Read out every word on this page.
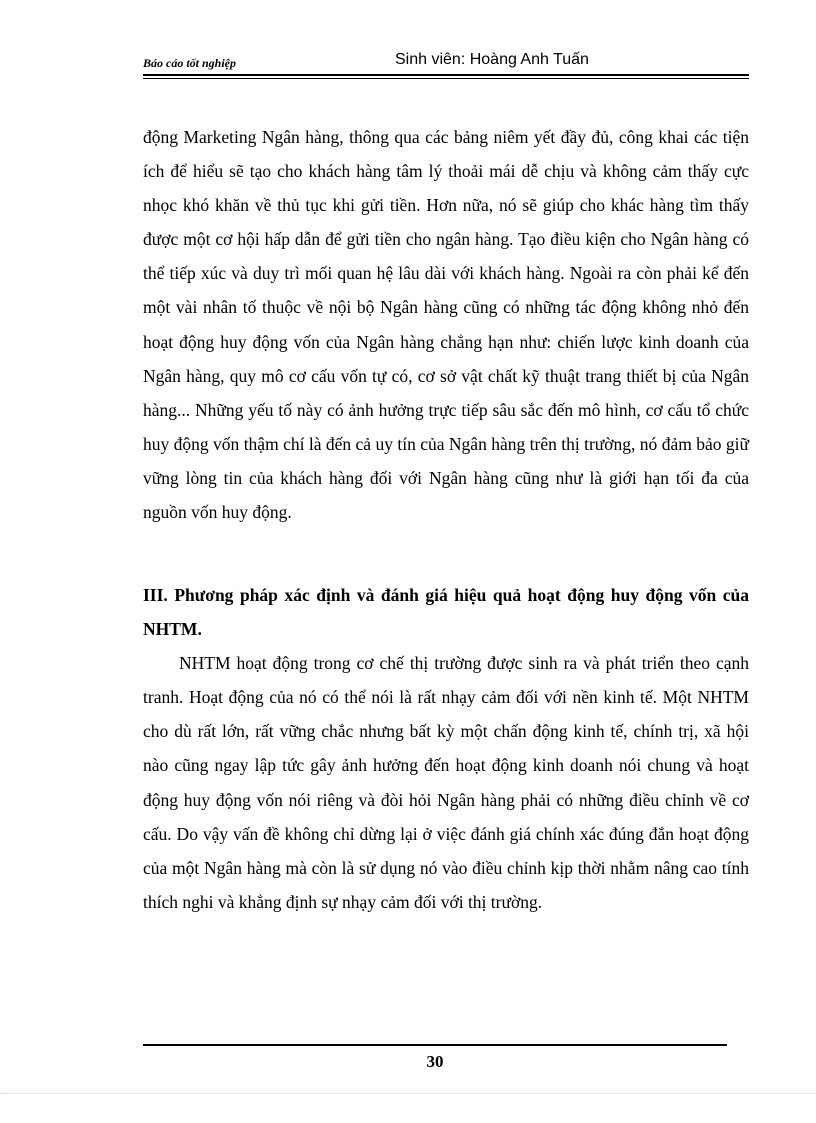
Báo cáo tốt nghiệp	Sinh viên: Hoàng Anh Tuấn

động Marketing Ngân hàng, thông qua các bảng niêm yết đầy đủ, công khai các tiện ích để hiểu sẽ tạo cho khách hàng tâm lý thoải mái dễ chịu và không cảm thấy cực nhọc khó khăn về thủ tục khi gửi tiền. Hơn nữa, nó sẽ giúp cho khác hàng tìm thấy được một cơ hội hấp dẫn để gửi tiền cho ngân hàng. Tạo điều kiện cho Ngân hàng có thể tiếp xúc và duy trì mối quan hệ lâu dài với khách hàng. Ngoài ra còn phải kể đến một vài nhân tố thuộc về nội bộ Ngân hàng cũng có những tác động không nhỏ đến hoạt động huy động vốn của Ngân hàng chẳng hạn như: chiến lược kinh doanh của Ngân hàng, quy mô cơ cấu vốn tự có, cơ sở vật chất kỹ thuật trang thiết bị của Ngân hàng... Những yếu tố này có ảnh hưởng trực tiếp sâu sắc đến mô hình, cơ cấu tổ chức huy động vốn thậm chí là đến cả uy tín của Ngân hàng trên thị trường, nó đảm bảo giữ vững lòng tin của khách hàng đối với Ngân hàng cũng như là giới hạn tối đa của nguồn vốn huy động.

III. Phương pháp xác định và đánh giá hiệu quả hoạt động huy động vốn của NHTM.

NHTM hoạt động trong cơ chế thị trường được sinh ra và phát triển theo cạnh tranh. Hoạt động của nó có thể nói là rất nhạy cảm đối với nền kinh tế. Một NHTM cho dù rất lớn, rất vững chắc nhưng bất kỳ một chấn động kinh tế, chính trị, xã hội nào cũng ngay lập tức gây ảnh hưởng đến hoạt động kinh doanh nói chung và hoạt động huy động vốn nói riêng và đòi hỏi Ngân hàng phải có những điều chỉnh về cơ cấu. Do vậy vấn đề không chỉ dừng lại ở việc đánh giá chính xác đúng đắn hoạt động của một Ngân hàng mà còn là sử dụng nó vào điều chỉnh kịp thời nhằm nâng cao tính thích nghi và khẳng định sự nhạy cảm đối với thị trường.

30
